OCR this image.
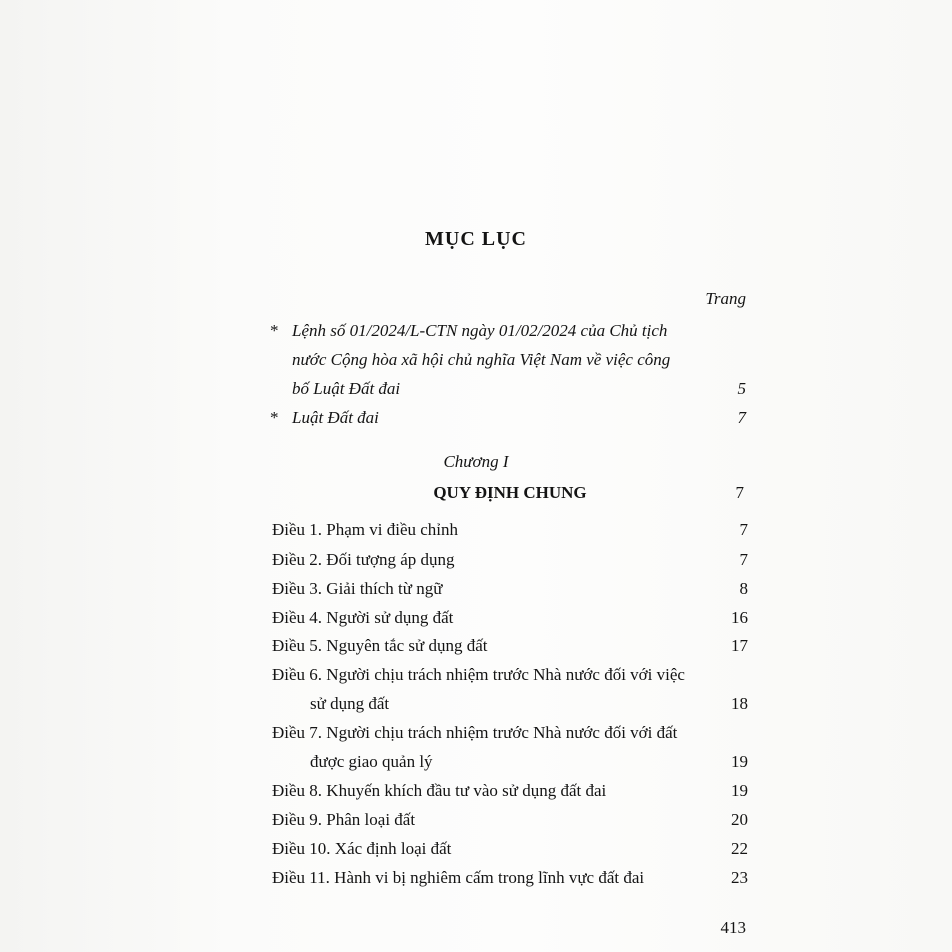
MỤC LỤC
Trang
* Lệnh số 01/2024/L-CTN ngày 01/02/2024 của Chủ tịch
nước Cộng hòa xã hội chủ nghĩa Việt Nam về việc công
bố Luật Đất đai	5
* Luật Đất đai	7
Chương I
QUY ĐỊNH CHUNG	7
Điều 1. Phạm vi điều chỉnh	7
Điều 2. Đối tượng áp dụng	7
Điều 3. Giải thích từ ngữ	8
Điều 4. Người sử dụng đất	16
Điều 5. Nguyên tắc sử dụng đất	17
Điều 6. Người chịu trách nhiệm trước Nhà nước đối với việc
sử dụng đất	18
Điều 7. Người chịu trách nhiệm trước Nhà nước đối với đất
được giao quản lý	19
Điều 8. Khuyến khích đầu tư vào sử dụng đất đai	19
Điều 9. Phân loại đất	20
Điều 10. Xác định loại đất	22
Điều 11. Hành vi bị nghiêm cấm trong lĩnh vực đất đai	23
413
